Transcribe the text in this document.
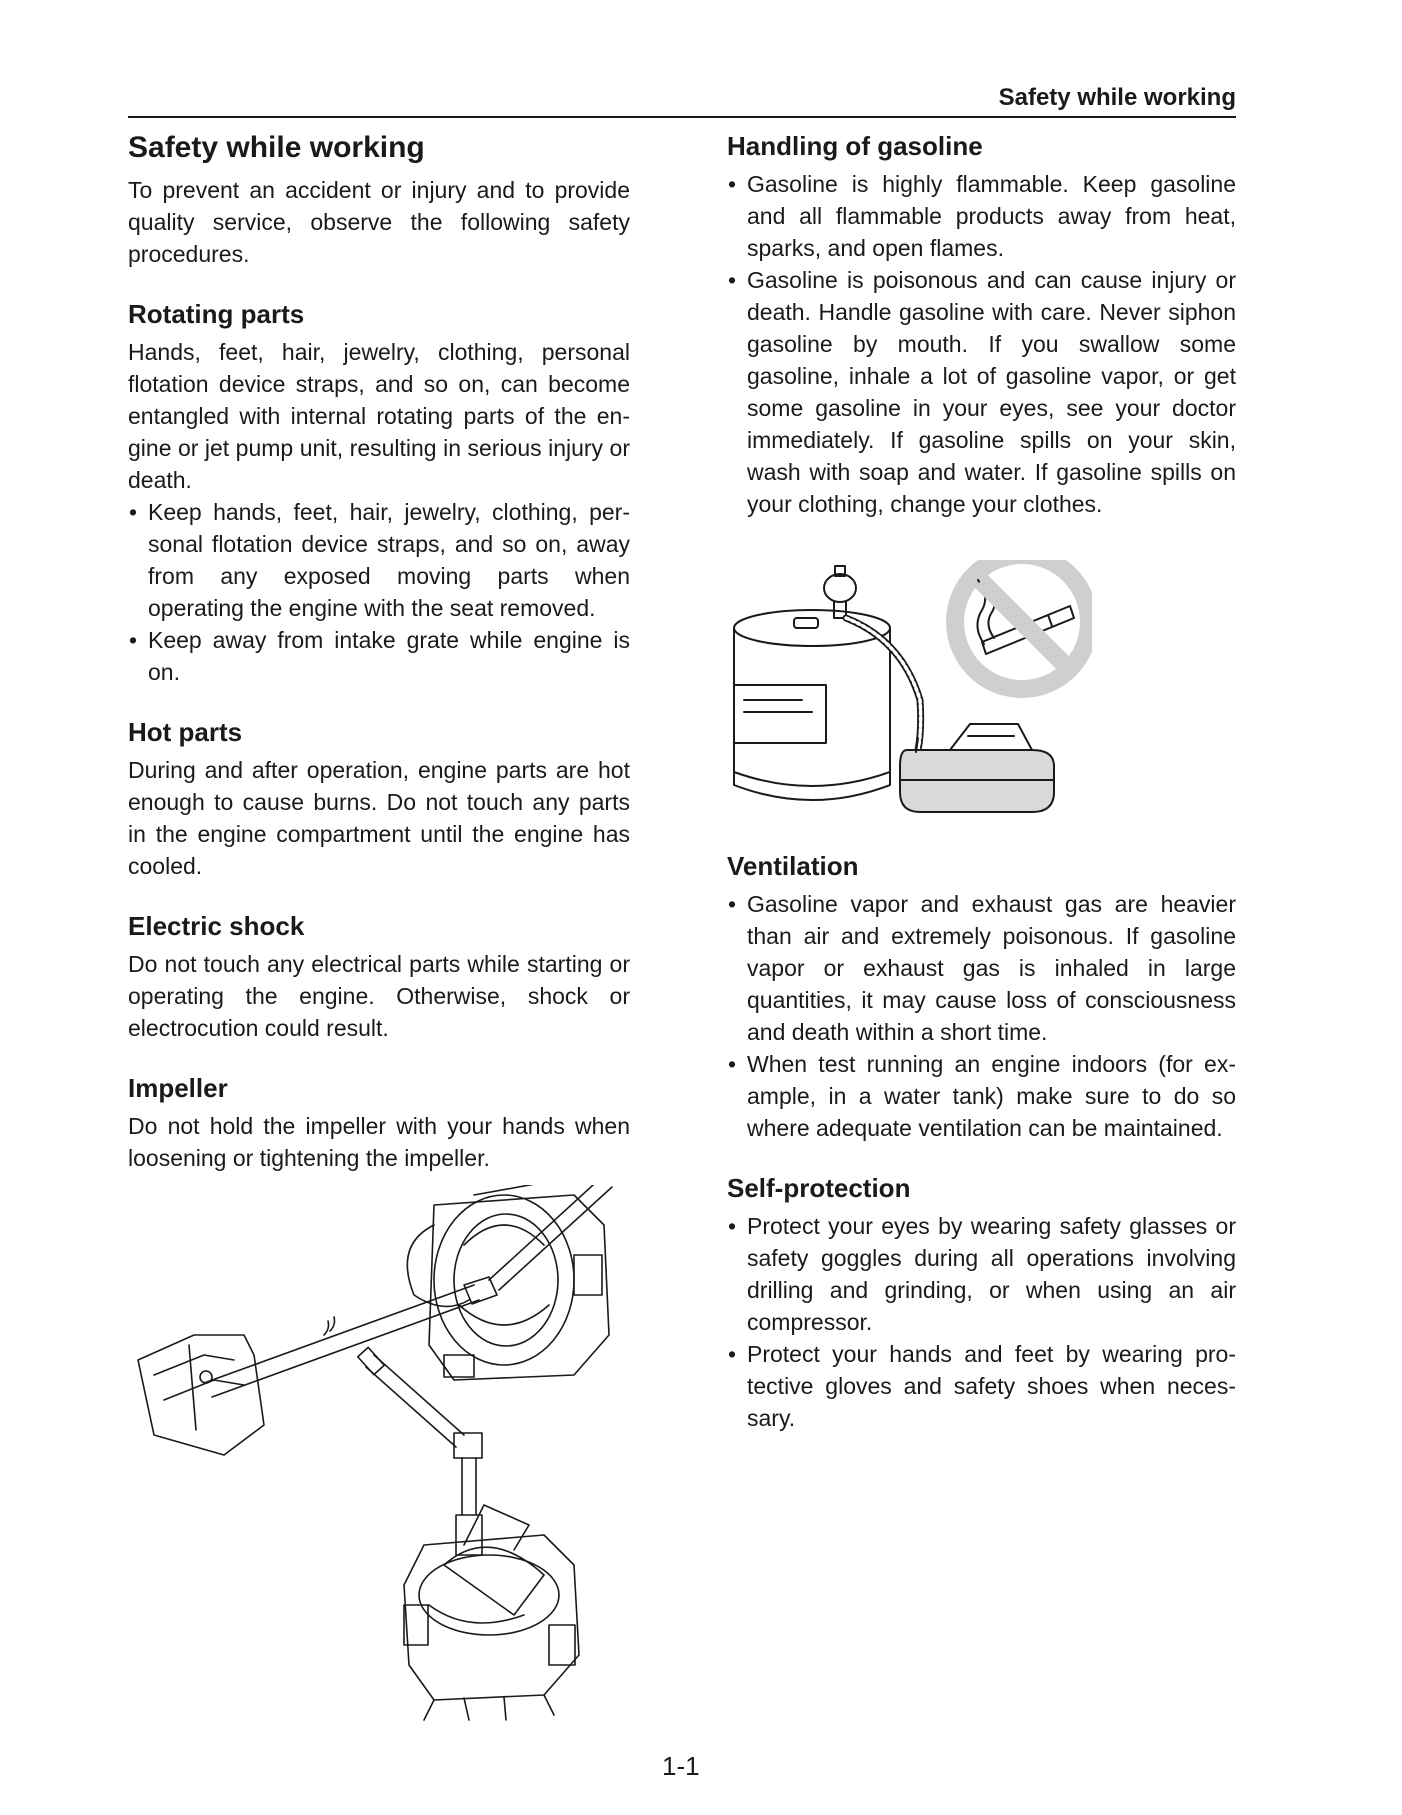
Safety while working
Safety while working

To prevent an accident or injury and to provide quality service, observe the following safety procedures.

Rotating parts

Hands, feet, hair, jewelry, clothing, personal flotation device straps, and so on, can become entangled with internal rotating parts of the engine or jet pump unit, resulting in serious injury or death.

• Keep hands, feet, hair, jewelry, clothing, personal flotation device straps, and so on, away from any exposed moving parts when operating the engine with the seat removed.
• Keep away from intake grate while engine is on.
Hot parts

During and after operation, engine parts are hot enough to cause burns. Do not touch any parts in the engine compartment until the engine has cooled.

Electric shock

Do not touch any electrical parts while starting or operating the engine. Otherwise, shock or electrocution could result.

Impeller

Do not hold the impeller with your hands when loosening or tightening the impeller.

Handling of gasoline
• Gasoline is highly flammable. Keep gasoline and all flammable products away from heat, sparks, and open flames.
• Gasoline is poisonous and can cause injury or death. Handle gasoline with care. Never siphon gasoline by mouth. If you swallow some gasoline, inhale a lot of gasoline vapor, or get some gasoline in your eyes, see your doctor immediately. If gasoline spills on your skin, wash with soap and water. If gasoline spills on your clothing, change your clothes.
Ventilation
• Gasoline vapor and exhaust gas are heavier than air and extremely poisonous. If gasoline vapor or exhaust gas is inhaled in large quantities, it may cause loss of consciousness and death within a short time.
• When test running an engine indoors (for example, in a water tank) make sure to do so where adequate ventilation can be maintained.
Self-protection
• Protect your eyes by wearing safety glasses or safety goggles during all operations involving drilling and grinding, or when using an air compressor.
• Protect your hands and feet by wearing protective gloves and safety shoes when necessary.
1-1
